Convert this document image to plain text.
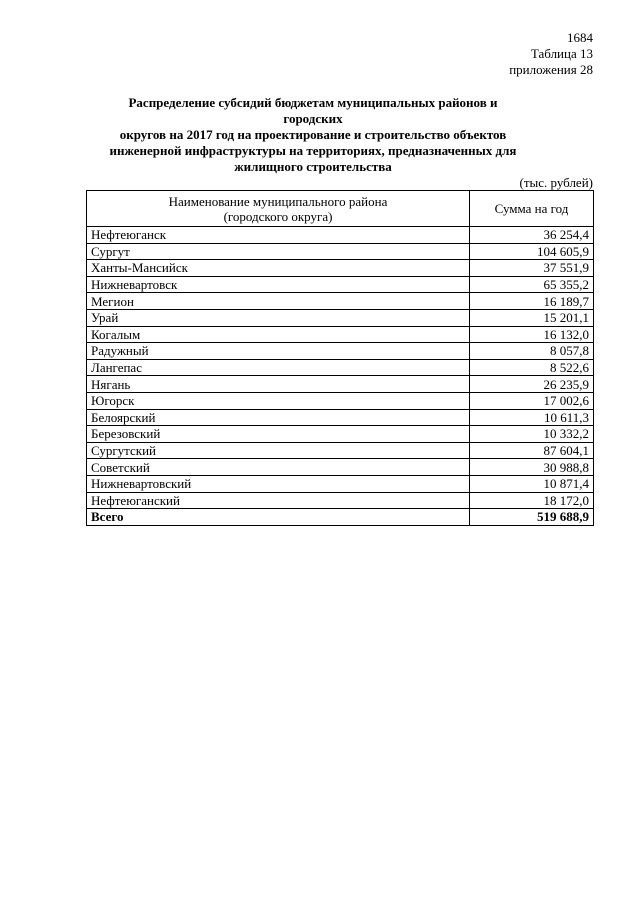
1684
Таблица 13
приложения 28
Распределение субсидий бюджетам муниципальных районов и городских
округов на 2017 год на проектирование и строительство объектов
инженерной инфраструктуры на территориях, предназначенных для
жилищного строительства
(тыс. рублей)
Наименование муниципального района
(городского округа)	Сумма на год
Нефтеюганск	36 254,4
Сургут	104 605,9
Ханты-Мансийск	37 551,9
Нижневартовск	65 355,2
Мегион	16 189,7
Урай	15 201,1
Когалым	16 132,0
Радужный	8 057,8
Лангепас	8 522,6
Нягань	26 235,9
Югорск	17 002,6
Белоярский	10 611,3
Березовский	10 332,2
Сургутский	87 604,1
Советский	30 988,8
Нижневартовский	10 871,4
Нефтеюганский	18 172,0
Всего	519 688,9
